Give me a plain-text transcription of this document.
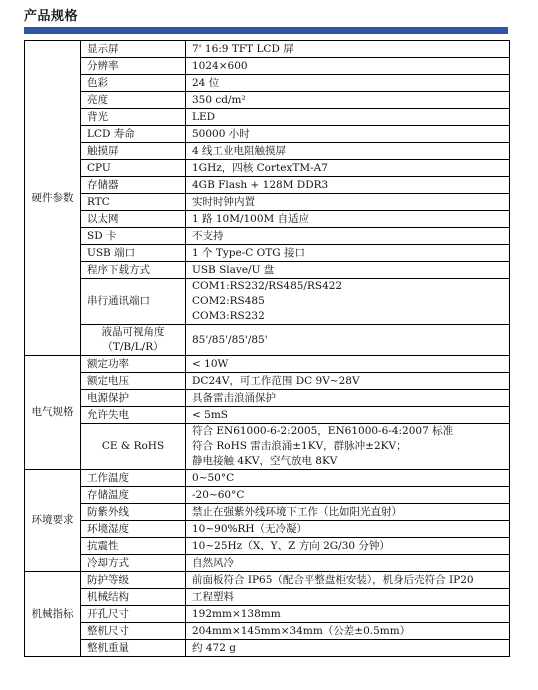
产品规格
硬件参数	显示屏	7' 16:9 TFT LCD 屏
	分辨率	1024×600
	色彩	24 位
	亮度	350 cd/m²
	背光	LED
	LCD 寿命	50000 小时
	触摸屏	4 线工业电阻触摸屏
	CPU	1GHz，四核 CortexTM-A7
	存储器	4GB Flash + 128M DDR3
	RTC	实时时钟内置
	以太网	1 路 10M/100M 自适应
	SD 卡	不支持
	USB 端口	1 个 Type-C OTG 接口
	程序下载方式	USB Slave/U 盘
	串行通讯端口	COM1:RS232/RS485/RS422
COM2:RS485
COM3:RS232

	液晶可视角度
（T/B/L/R）	85'/85'/85'/85'
电气规格	额定功率	< 10W
	额定电压	DC24V，可工作范围 DC 9V~28V
	电源保护	具备雷击浪涌保护
	允许失电	< 5mS
	CE & RoHS	符合 EN61000-6-2:2005，EN61000-6-4:2007 标准
符合 RoHS 雷击浪涌±1KV，群脉冲±2KV；
静电接触 4KV，空气放电 8KV

环境要求	工作温度	0~50°C
	存储温度	-20~60°C
	防紫外线	禁止在强紫外线环境下工作（比如阳光直射）
	环境湿度	10~90%RH（无冷凝）
	抗震性	10~25Hz（X、Y、Z 方向 2G/30 分钟）
	冷却方式	自然风冷
机械指标	防护等级	前面板符合 IP65（配合平整盘柜安装），机身后壳符合 IP20
	机械结构	工程塑料
	开孔尺寸	192mm×138mm
	整机尺寸	204mm×145mm×34mm（公差±0.5mm）
	整机重量	约 472 g
